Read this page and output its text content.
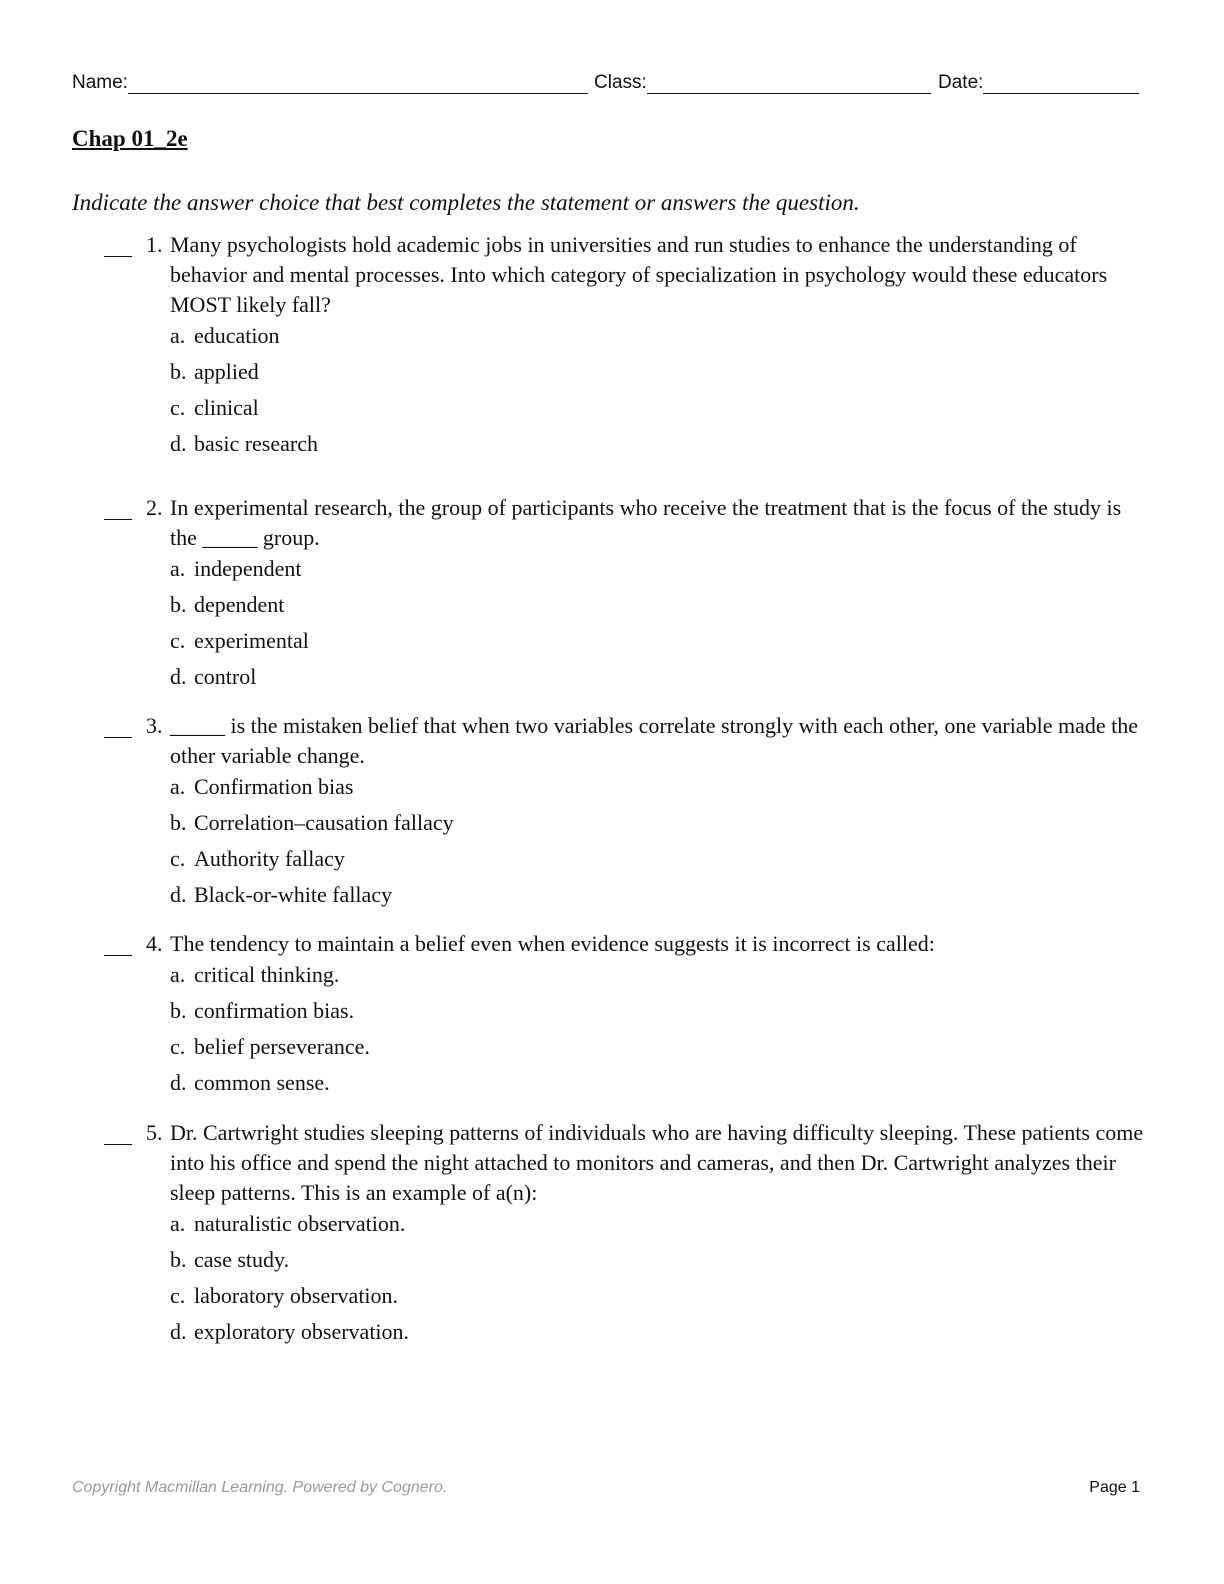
Name:	Class:	Date:
Chap 01_2e
Indicate the answer choice that best completes the statement or answers the question.
1. Many psychologists hold academic jobs in universities and run studies to enhance the understanding of behavior and mental processes. Into which category of specialization in psychology would these educators MOST likely fall?
a. education
b. applied
c. clinical
d. basic research
2. In experimental research, the group of participants who receive the treatment that is the focus of the study is the _____ group.
a. independent
b. dependent
c. experimental
d. control
3. _____ is the mistaken belief that when two variables correlate strongly with each other, one variable made the other variable change.
a. Confirmation bias
b. Correlation–causation fallacy
c. Authority fallacy
d. Black-or-white fallacy
4. The tendency to maintain a belief even when evidence suggests it is incorrect is called:
a. critical thinking.
b. confirmation bias.
c. belief perseverance.
d. common sense.
5. Dr. Cartwright studies sleeping patterns of individuals who are having difficulty sleeping. These patients come into his office and spend the night attached to monitors and cameras, and then Dr. Cartwright analyzes their sleep patterns. This is an example of a(n):
a. naturalistic observation.
b. case study.
c. laboratory observation.
d. exploratory observation.
Copyright Macmillan Learning. Powered by Cognero.	Page 1
